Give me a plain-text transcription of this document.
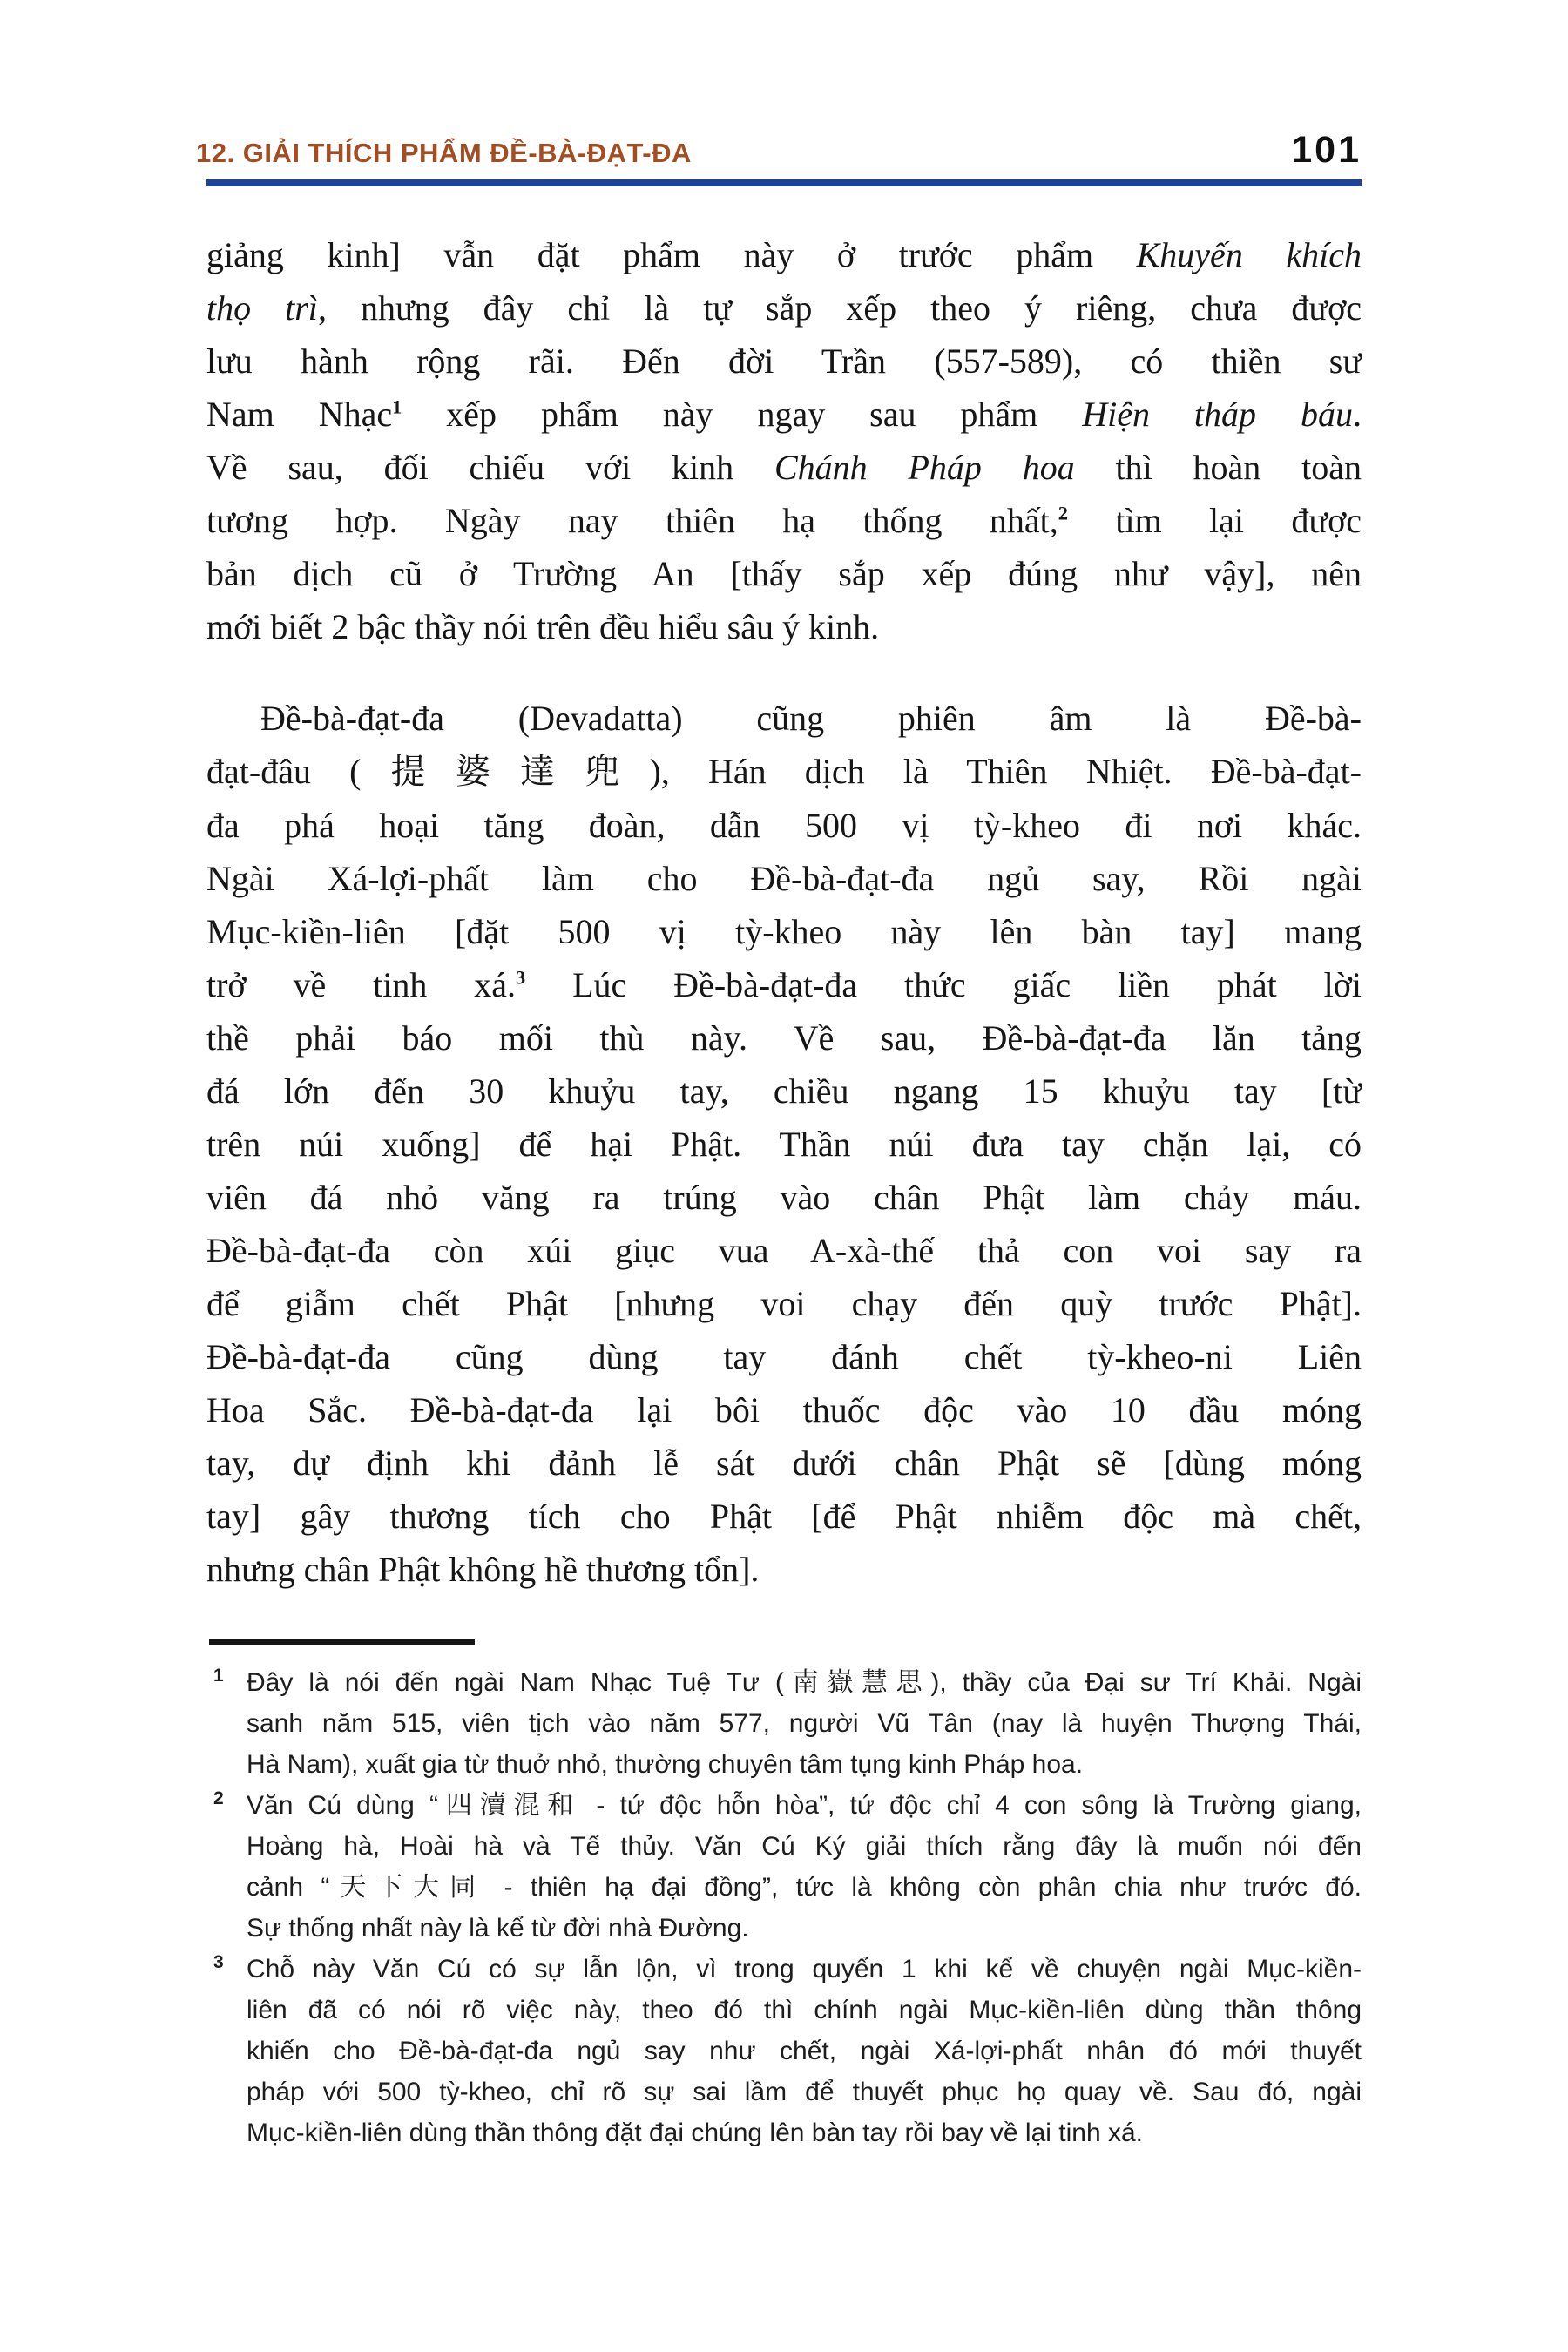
12. GIẢI THÍCH PHẨM ĐỀ-BÀ-ĐẠT-ĐA	101
giảng kinh] vẫn đặt phẩm này ở trước phẩm Khuyến khích
thọ trì, nhưng đây chỉ là tự sắp xếp theo ý riêng, chưa được
lưu hành rộng rãi. Đến đời Trần (557-589), có thiền sư
Nam Nhạc$^1$ xếp phẩm này ngay sau phẩm Hiện tháp báu.
Về sau, đối chiếu với kinh Chánh Pháp hoa thì hoàn toàn
tương hợp. Ngày nay thiên hạ thống nhất,$^2$ tìm lại được
bản dịch cũ ở Trường An [thấy sắp xếp đúng như vậy], nên
mới biết 2 bậc thầy nói trên đều hiểu sâu ý kinh.
Đề-bà-đạt-đa (Devadatta) cũng phiên âm là Đề-bà-
đạt-đâu (提婆達兜), Hán dịch là Thiên Nhiệt. Đề-bà-đạt-
đa phá hoại tăng đoàn, dẫn 500 vị tỳ-kheo đi nơi khác.
Ngài Xá-lợi-phất làm cho Đề-bà-đạt-đa ngủ say, Rồi ngài
Mục-kiền-liên [đặt 500 vị tỳ-kheo này lên bàn tay] mang
trở về tinh xá.$^3$ Lúc Đề-bà-đạt-đa thức giấc liền phát lời
thề phải báo mối thù này. Về sau, Đề-bà-đạt-đa lăn tảng
đá lớn đến 30 khuỷu tay, chiều ngang 15 khuỷu tay [từ
trên núi xuống] để hại Phật. Thần núi đưa tay chặn lại, có
viên đá nhỏ văng ra trúng vào chân Phật làm chảy máu.
Đề-bà-đạt-đa còn xúi giục vua A-xà-thế thả con voi say ra
để giẫm chết Phật [nhưng voi chạy đến quỳ trước Phật].
Đề-bà-đạt-đa cũng dùng tay đánh chết tỳ-kheo-ni Liên
Hoa Sắc. Đề-bà-đạt-đa lại bôi thuốc độc vào 10 đầu móng
tay, dự định khi đảnh lễ sát dưới chân Phật sẽ [dùng móng
tay] gây thương tích cho Phật [để Phật nhiễm độc mà chết,
nhưng chân Phật không hề thương tổn].
1 Đây là nói đến ngài Nam Nhạc Tuệ Tư (南嶽慧思), thầy của Đại sư Trí Khải. Ngài
sanh năm 515, viên tịch vào năm 577, người Vũ Tân (nay là huyện Thượng Thái,
Hà Nam), xuất gia từ thuở nhỏ, thường chuyên tâm tụng kinh Pháp hoa.
2 Văn Cú dùng “四瀆混和 - tứ độc hỗn hòa”, tứ độc chỉ 4 con sông là Trường giang,
Hoàng hà, Hoài hà và Tế thủy. Văn Cú Ký giải thích rằng đây là muốn nói đến
cảnh “天下大同 - thiên hạ đại đồng”, tức là không còn phân chia như trước đó.
Sự thống nhất này là kể từ đời nhà Đường.
3 Chỗ này Văn Cú có sự lẫn lộn, vì trong quyển 1 khi kể về chuyện ngài Mục-kiền-
liên đã có nói rõ việc này, theo đó thì chính ngài Mục-kiền-liên dùng thần thông
khiến cho Đề-bà-đạt-đa ngủ say như chết, ngài Xá-lợi-phất nhân đó mới thuyết
pháp với 500 tỳ-kheo, chỉ rõ sự sai lầm để thuyết phục họ quay về. Sau đó, ngài
Mục-kiền-liên dùng thần thông đặt đại chúng lên bàn tay rồi bay về lại tinh xá.
